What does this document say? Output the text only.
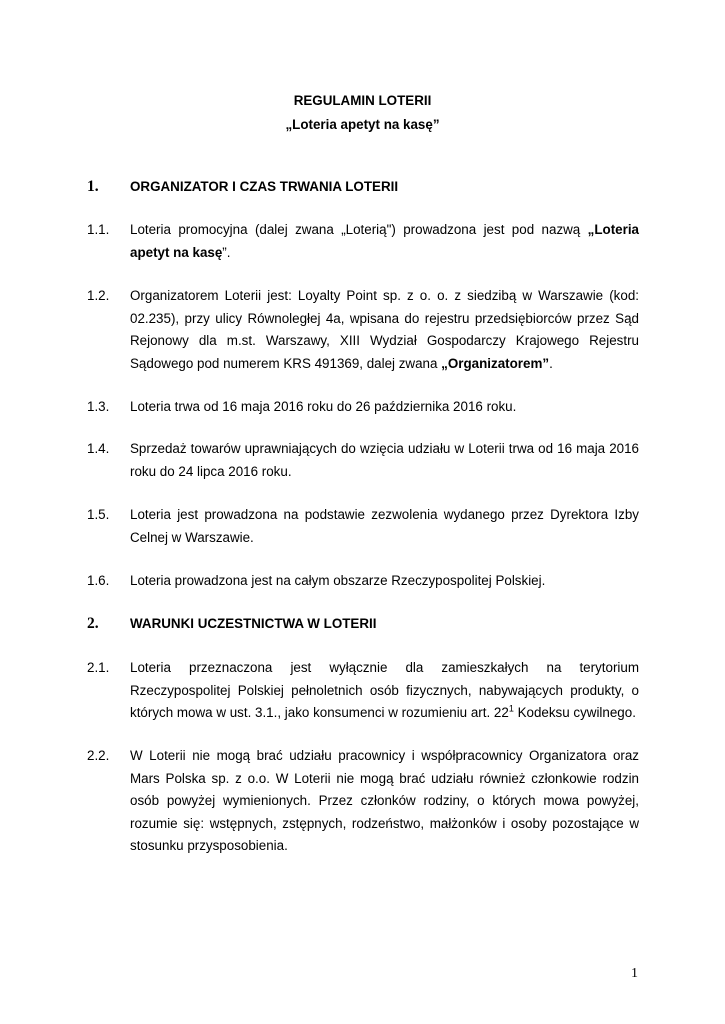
REGULAMIN LOTERII
„Loteria apetyt na kasę”
1. ORGANIZATOR I CZAS TRWANIA LOTERII
1.1. Loteria promocyjna (dalej zwana „Loterią") prowadzona jest pod nazwą „Loteria apetyt na kasę”.
1.2. Organizatorem Loterii jest: Loyalty Point sp. z o. o. z siedzibą w Warszawie (kod: 02.235), przy ulicy Równoległej 4a, wpisana do rejestru przedsiębiorców przez Sąd Rejonowy dla m.st. Warszawy, XIII Wydział Gospodarczy Krajowego Rejestru Sądowego pod numerem KRS 491369, dalej zwana „Organizatorem”.
1.3. Loteria trwa od 16 maja 2016 roku do 26 października 2016 roku.
1.4. Sprzedaż towarów uprawniających do wzięcia udziału w Loterii trwa od 16 maja 2016 roku do 24 lipca 2016 roku.
1.5. Loteria jest prowadzona na podstawie zezwolenia wydanego przez Dyrektora Izby Celnej w Warszawie.
1.6. Loteria prowadzona jest na całym obszarze Rzeczypospolitej Polskiej.
2. WARUNKI UCZESTNICTWA W LOTERII
2.1. Loteria przeznaczona jest wyłącznie dla zamieszkałych na terytorium Rzeczypospolitej Polskiej pełnoletnich osób fizycznych, nabywających produkty, o których mowa w ust. 3.1., jako konsumenci w rozumieniu art. $22^1$ Kodeksu cywilnego.
2.2. W Loterii nie mogą brać udziału pracownicy i współpracownicy Organizatora oraz Mars Polska sp. z o.o. W Loterii nie mogą brać udziału również członkowie rodzin osób powyżej wymienionych. Przez członków rodziny, o których mowa powyżej, rozumie się: wstępnych, zstępnych, rodzeństwo, małżonków i osoby pozostające w stosunku przysposobienia.
1
